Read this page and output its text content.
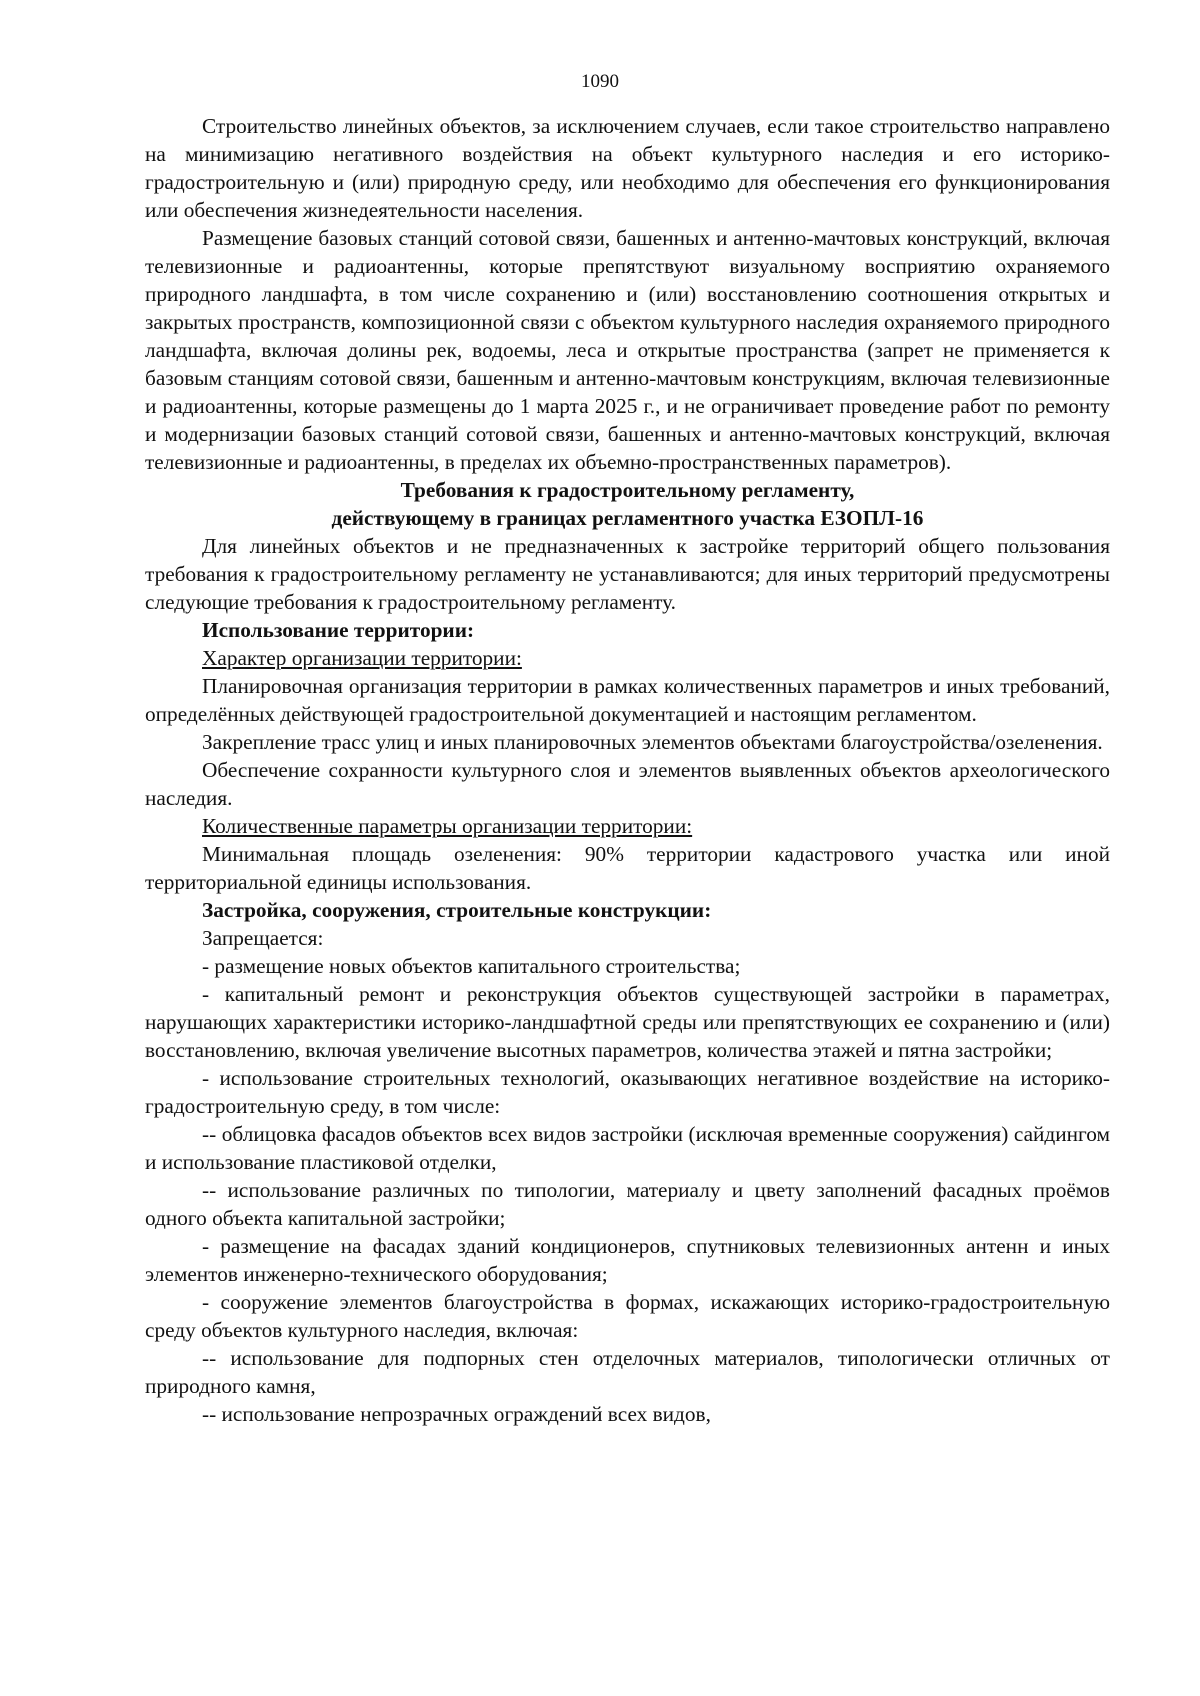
1090

Строительство линейных объектов, за исключением случаев, если такое строительство направлено на минимизацию негативного воздействия на объект культурного наследия и его историко-градостроительную и (или) природную среду, или необходимо для обеспечения его функционирования или обеспечения жизнедеятельности населения.

Размещение базовых станций сотовой связи, башенных и антенно-мачтовых конструкций, включая телевизионные и радиоантенны, которые препятствуют визуальному восприятию охраняемого природного ландшафта, в том числе сохранению и (или) восстановлению соотношения открытых и закрытых пространств, композиционной связи с объектом культурного наследия охраняемого природного ландшафта, включая долины рек, водоемы, леса и открытые пространства (запрет не применяется к базовым станциям сотовой связи, башенным и антенно-мачтовым конструкциям, включая телевизионные и радиоантенны, которые размещены до 1 марта 2025 г., и не ограничивает проведение работ по ремонту и модернизации базовых станций сотовой связи, башенных и антенно-мачтовых конструкций, включая телевизионные и радиоантенны, в пределах их объемно-пространственных параметров).

Требования к градостроительному регламенту,

действующему в границах регламентного участка ЕЗОПЛ-16

Для линейных объектов и не предназначенных к застройке территорий общего пользования требования к градостроительному регламенту не устанавливаются; для иных территорий предусмотрены следующие требования к градостроительному регламенту.

Использование территории:

Характер организации территории:

Планировочная организация территории в рамках количественных параметров и иных требований, определённых действующей градостроительной документацией и настоящим регламентом.

Закрепление трасс улиц и иных планировочных элементов объектами благоустройства/озеленения.

Обеспечение сохранности культурного слоя и элементов выявленных объектов археологического наследия.

Количественные параметры организации территории:

Минимальная площадь озеленения: 90% территории кадастрового участка или иной территориальной единицы использования.

Застройка, сооружения, строительные конструкции:

Запрещается:

- размещение новых объектов капитального строительства;

- капитальный ремонт и реконструкция объектов существующей застройки в параметрах, нарушающих характеристики историко-ландшафтной среды или препятствующих ее сохранению и (или) восстановлению, включая увеличение высотных параметров, количества этажей и пятна застройки;

- использование строительных технологий, оказывающих негативное воздействие на историко-градостроительную среду, в том числе:

-- облицовка фасадов объектов всех видов застройки (исключая временные сооружения) сайдингом и использование пластиковой отделки,

-- использование различных по типологии, материалу и цвету заполнений фасадных проёмов одного объекта капитальной застройки;

- размещение на фасадах зданий кондиционеров, спутниковых телевизионных антенн и иных элементов инженерно-технического оборудования;

- сооружение элементов благоустройства в формах, искажающих историко-градостроительную среду объектов культурного наследия, включая:

-- использование для подпорных стен отделочных материалов, типологически отличных от природного камня,

-- использование непрозрачных ограждений всех видов,
